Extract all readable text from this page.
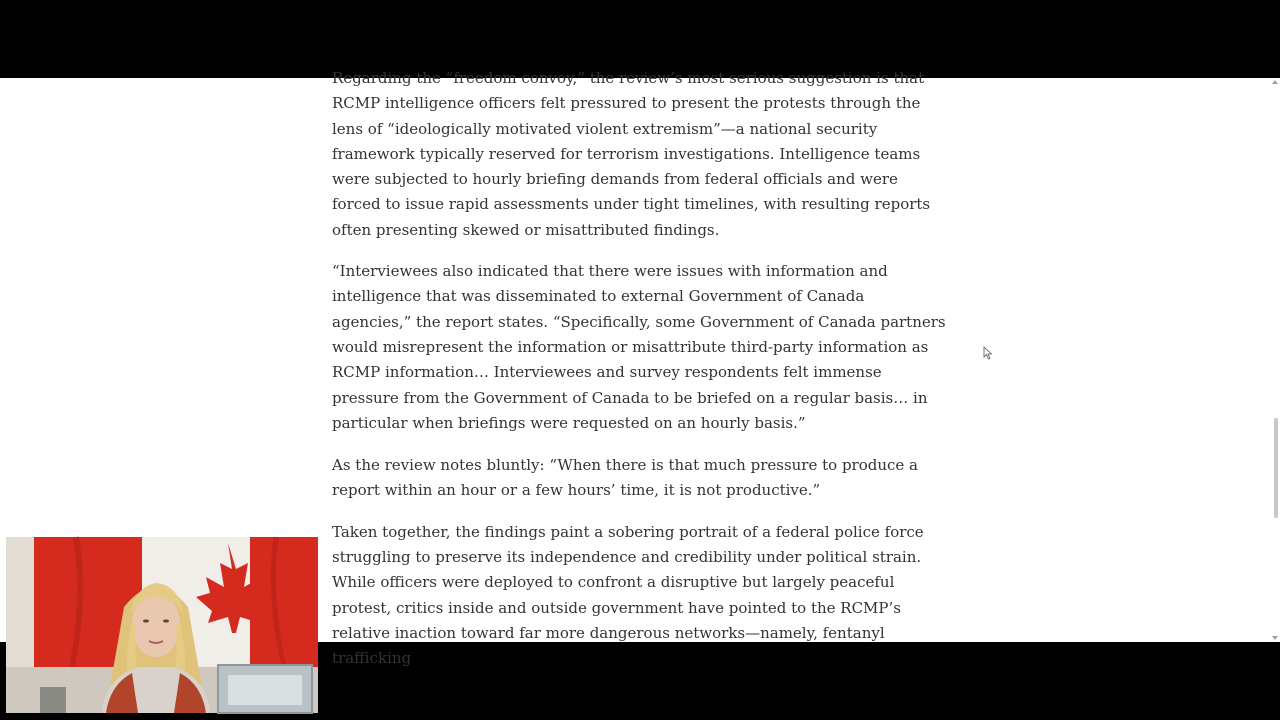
Regarding the “freedom convoy,” the review’s most serious suggestion is that RCMP intelligence officers felt pressured to present the protests through the lens of “ideologically motivated violent extremism”—a national security framework typically reserved for terrorism investigations. Intelligence teams were subjected to hourly briefing demands from federal officials and were forced to issue rapid assessments under tight timelines, with resulting reports often presenting skewed or misattributed findings.

“Interviewees also indicated that there were issues with information and intelligence that was disseminated to external Government of Canada agencies,” the report states. “Specifically, some Government of Canada partners would misrepresent the information or misattribute third-party information as RCMP information… Interviewees and survey respondents felt immense pressure from the Government of Canada to be briefed on a regular basis… in particular when briefings were requested on an hourly basis.”

As the review notes bluntly: “When there is that much pressure to produce a report within an hour or a few hours’ time, it is not productive.”

Taken together, the findings paint a sobering portrait of a federal police force struggling to preserve its independence and credibility under political strain. While officers were deployed to confront a disruptive but largely peaceful protest, critics inside and outside government have pointed to the RCMP’s relative inaction toward far more dangerous networks—namely, fentanyl trafficking
